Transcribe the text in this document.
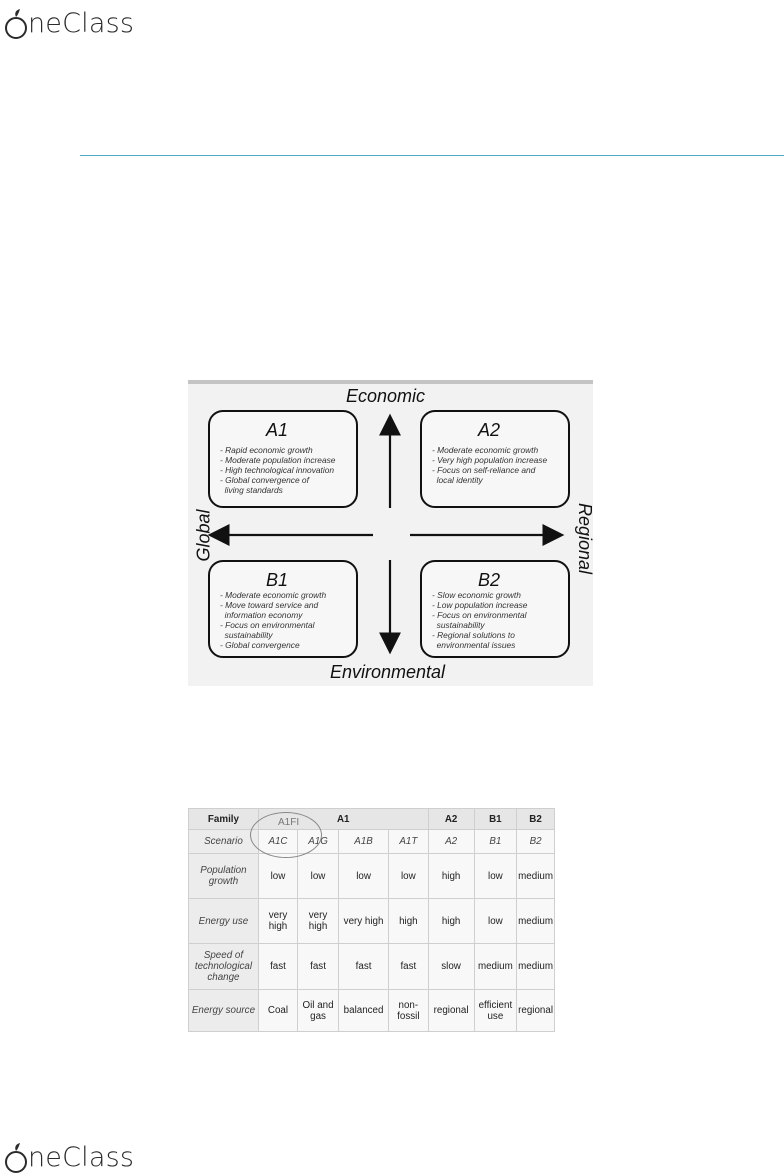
neClass
Economic
Environmental
Global	Regional
A1
- Rapid economic growth
- Moderate population increase
- High technological innovation
- Global convergence of
living standards
A2
- Moderate economic growth
- Very high population increase
- Focus on self-reliance and
local identity
B1
- Moderate economic growth
- Move toward service and
information economy
- Focus on environmental
sustainability
- Global convergence
B2
- Slow economic growth
- Low population increase
- Focus on environmental
sustainability
- Regional solutions to
environmental issues
Family	A1				A2	B1	B2
Scenario	A1C	A1G	A1B	A1T	A2	B1	B2
Population growth	low	low	low	low	high	low	medium
Energy use	very high	very high	very high	high	high	low	medium
Speed of technological change	fast	fast	fast	fast	slow	medium	medium
Energy source	Coal	Oil and gas	balanced	non-fossil	regional	efficient use	regional
A1FI
neClass
